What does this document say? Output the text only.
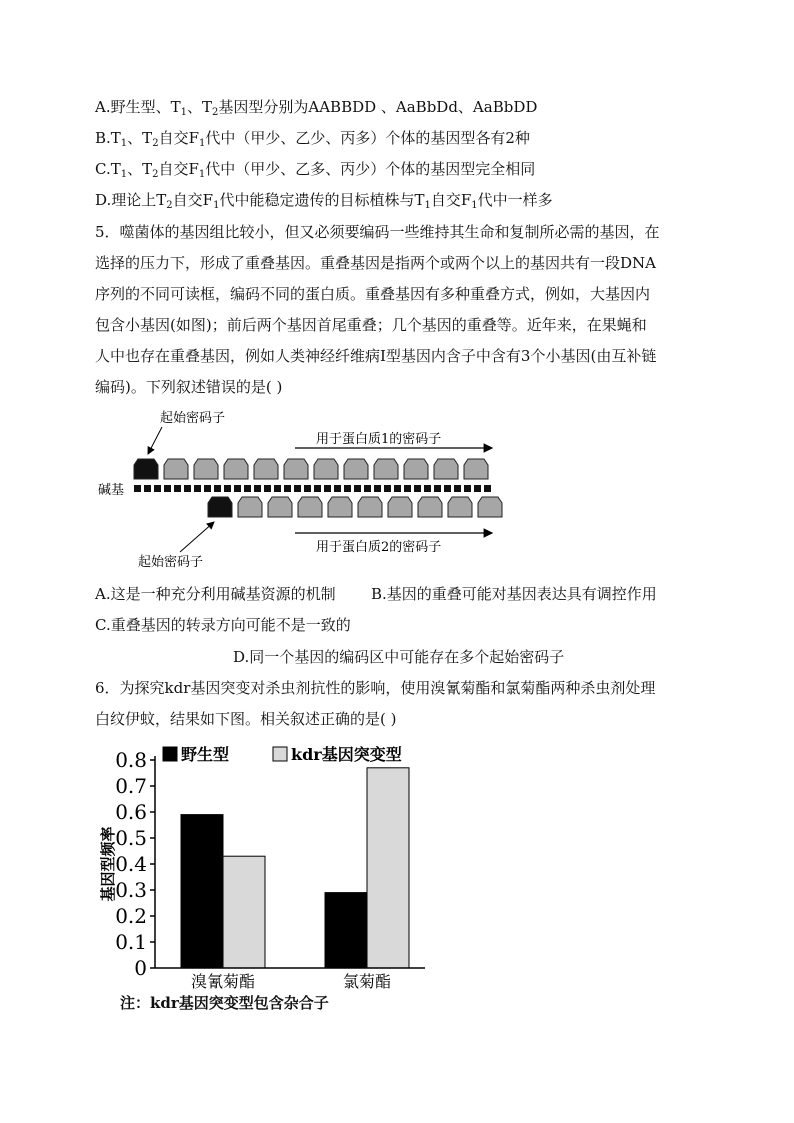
A.野生型、$T_1$、$T_2$基因型分别为AABBDD 、AaBbDd、AaBbDD
$B.T_1$、$T_2$自交$F_1$代中（甲少、乙少、丙多）个体的基因型各有2种
$C.T_1$、$T_2$自交$F_1$代中（甲少、乙多、丙少）个体的基因型完全相同
D.理论上$T_2$自交$F_1$代中能稳定遗传的目标植株与$T_1$自交$F_1$代中一样多
5．噬菌体的基因组比较小，但又必须要编码一些维持其生命和复制所必需的基因，在
选择的压力下，形成了重叠基因。重叠基因是指两个或两个以上的基因共有一段DNA
序列的不同可读框，编码不同的蛋白质。重叠基因有多种重叠方式，例如，大基因内
包含小基因(如图)；前后两个基因首尾重叠；几个基因的重叠等。近年来，在果蝇和
人中也存在重叠基因，例如人类神经纤维病Ⅰ型基因内含子中含有3个小基因(由互补链
编码)。下列叙述错误的是( )
起始密码子
用于蛋白质1的密码子
碱基
用于蛋白质2的密码子
起始密码子
A.这是一种充分利用碱基资源的机制 B.基因的重叠可能对基因表达具有调控作用
C.重叠基因的转录方向可能不是一致的
D.同一个基因的编码区中可能存在多个起始密码子
6．为探究kdr基因突变对杀虫剂抗性的影响，使用溴氰菊酯和氯菊酯两种杀虫剂处理
白纹伊蚊，结果如下图。相关叙述正确的是( )
基因型频率
0
0.1
0.2
0.3
0.4
0.5
0.6
0.7
0.8
溴氰菊酯	氯菊酯
野生型	kdr基因突变型
注：kdr基因突变型包含杂合子
